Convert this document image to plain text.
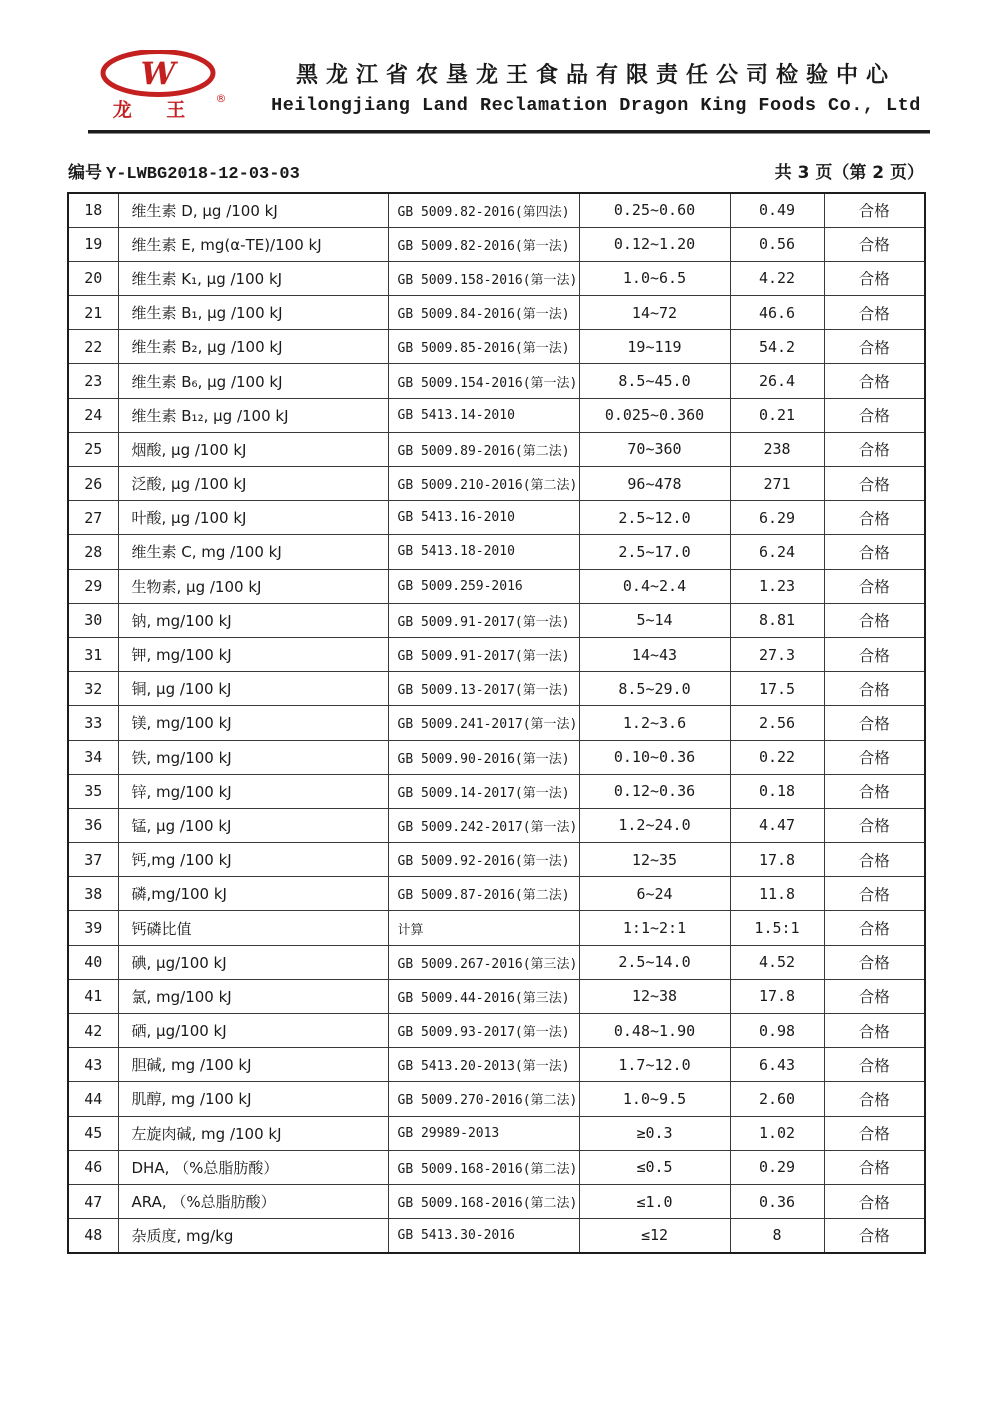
W
®
龙 王
黑龙江省农垦龙王食品有限责任公司检验中心
Heilongjiang Land Reclamation Dragon King Foods Co., Ltd
编号 Y-LWBG2018-12-03-03	共 3 页（第 2 页）
18	维生素 D, μg /100 kJ	GB 5009.82-2016(第四法)	0.25~0.60	0.49	合格
19	维生素 E, mg(α-TE)/100 kJ	GB 5009.82-2016(第一法)	0.12~1.20	0.56	合格
20	维生素 K₁, μg /100 kJ	GB 5009.158-2016(第一法)	1.0~6.5	4.22	合格
21	维生素 B₁, μg /100 kJ	GB 5009.84-2016(第一法)	14~72	46.6	合格
22	维生素 B₂, μg /100 kJ	GB 5009.85-2016(第一法)	19~119	54.2	合格
23	维生素 B₆, μg /100 kJ	GB 5009.154-2016(第一法)	8.5~45.0	26.4	合格
24	维生素 B₁₂, μg /100 kJ	GB 5413.14-2010	0.025~0.360	0.21	合格
25	烟酸, μg /100 kJ	GB 5009.89-2016(第二法)	70~360	238	合格
26	泛酸, μg /100 kJ	GB 5009.210-2016(第二法)	96~478	271	合格
27	叶酸, μg /100 kJ	GB 5413.16-2010	2.5~12.0	6.29	合格
28	维生素 C, mg /100 kJ	GB 5413.18-2010	2.5~17.0	6.24	合格
29	生物素, μg /100 kJ	GB 5009.259-2016	0.4~2.4	1.23	合格
30	钠, mg/100 kJ	GB 5009.91-2017(第一法)	5~14	8.81	合格
31	钾, mg/100 kJ	GB 5009.91-2017(第一法)	14~43	27.3	合格
32	铜, μg /100 kJ	GB 5009.13-2017(第一法)	8.5~29.0	17.5	合格
33	镁, mg/100 kJ	GB 5009.241-2017(第一法)	1.2~3.6	2.56	合格
34	铁, mg/100 kJ	GB 5009.90-2016(第一法)	0.10~0.36	0.22	合格
35	锌, mg/100 kJ	GB 5009.14-2017(第一法)	0.12~0.36	0.18	合格
36	锰, μg /100 kJ	GB 5009.242-2017(第一法)	1.2~24.0	4.47	合格
37	钙,mg /100 kJ	GB 5009.92-2016(第一法)	12~35	17.8	合格
38	磷,mg/100 kJ	GB 5009.87-2016(第二法)	6~24	11.8	合格
39	钙磷比值	计算	1:1~2:1	1.5:1	合格
40	碘, μg/100 kJ	GB 5009.267-2016(第三法)	2.5~14.0	4.52	合格
41	氯, mg/100 kJ	GB 5009.44-2016(第三法)	12~38	17.8	合格
42	硒, μg/100 kJ	GB 5009.93-2017(第一法)	0.48~1.90	0.98	合格
43	胆碱, mg /100 kJ	GB 5413.20-2013(第一法)	1.7~12.0	6.43	合格
44	肌醇, mg /100 kJ	GB 5009.270-2016(第二法)	1.0~9.5	2.60	合格
45	左旋肉碱, mg /100 kJ	GB 29989-2013	≥0.3	1.02	合格
46	DHA, （%总脂肪酸）	GB 5009.168-2016(第二法)	≤0.5	0.29	合格
47	ARA, （%总脂肪酸）	GB 5009.168-2016(第二法)	≤1.0	0.36	合格
48	杂质度, mg/kg	GB 5413.30-2016	≤12	8	合格
